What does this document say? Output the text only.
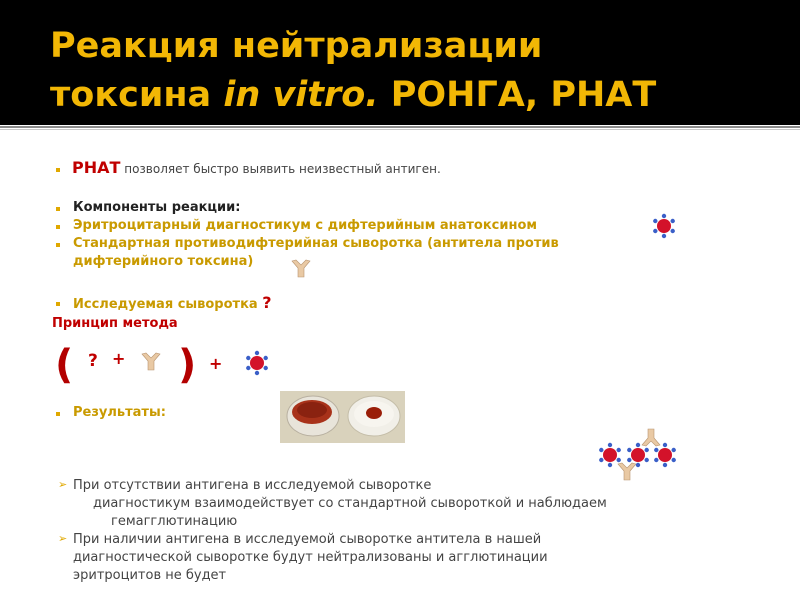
Реакция нейтрализации
токсина in vitro. РОНГА, РНАТ
РНАТ позволяет быстро выявить неизвестный антиген.
Компоненты реакции:
Эритроцитарный диагностикум с дифтерийным анатоксином
Стандартная противодифтерийная сыворотка (антитела против
дифтерийного токсина)
Исследуемая сыворотка ?
Принцип метода
( ? + ) +
Результаты:
➢ При отсутствии антигена в исследуемой сыворотке
диагностикум взаимодействует со стандартной сывороткой и наблюдаем
гемагглютинацию
➢ При наличии антигена в исследуемой сыворотке антитела в нашей
диагностической сыворотке будут нейтрализованы и агглютинации
эритроцитов не будет
